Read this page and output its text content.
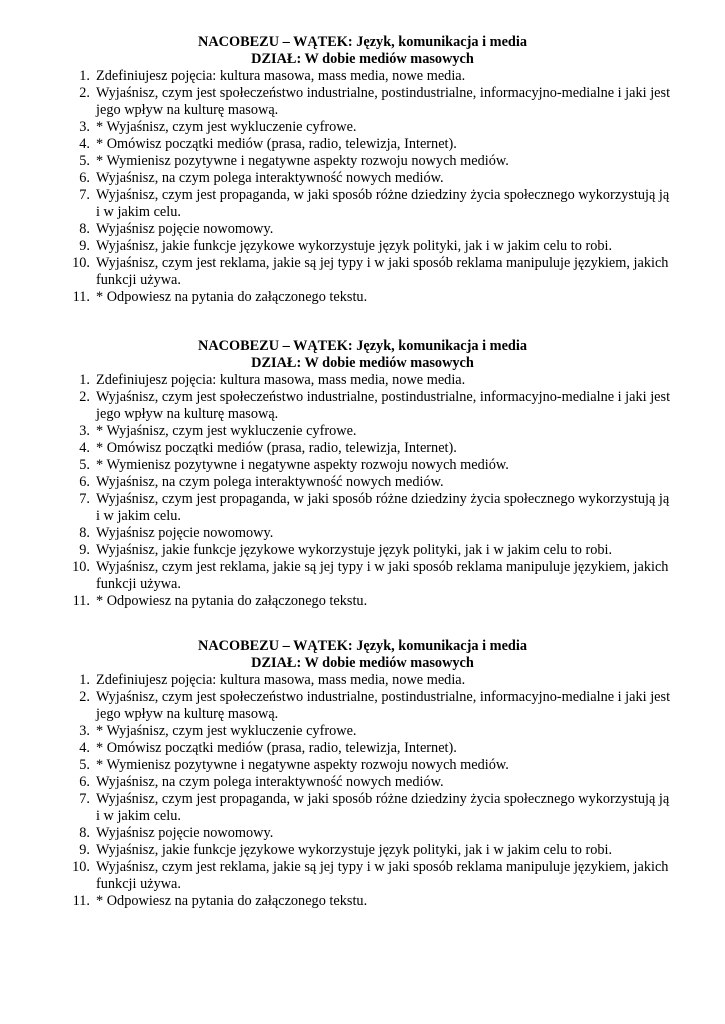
NACOBEZU – WĄTEK: Język, komunikacja i media
DZIAŁ: W dobie mediów masowych
1. Zdefiniujesz pojęcia: kultura masowa, mass media, nowe media.
2. Wyjaśnisz, czym jest społeczeństwo industrialne, postindustrialne, informacyjno-medialne i jaki jest jego wpływ na kulturę masową.
3. * Wyjaśnisz, czym jest wykluczenie cyfrowe.
4. * Omówisz początki mediów (prasa, radio, telewizja, Internet).
5. * Wymienisz pozytywne i negatywne aspekty rozwoju nowych mediów.
6. Wyjaśnisz, na czym polega interaktywność nowych mediów.
7. Wyjaśnisz, czym jest propaganda, w jaki sposób różne dziedziny życia społecznego wykorzystują ją i w jakim celu.
8. Wyjaśnisz pojęcie nowomowy.
9. Wyjaśnisz, jakie funkcje językowe wykorzystuje język polityki, jak i w jakim celu to robi.
10. Wyjaśnisz, czym jest reklama, jakie są jej typy i w jaki sposób reklama manipuluje językiem, jakich funkcji używa.
11. * Odpowiesz na pytania do załączonego tekstu.
NACOBEZU – WĄTEK: Język, komunikacja i media
DZIAŁ: W dobie mediów masowych
1. Zdefiniujesz pojęcia: kultura masowa, mass media, nowe media.
2. Wyjaśnisz, czym jest społeczeństwo industrialne, postindustrialne, informacyjno-medialne i jaki jest jego wpływ na kulturę masową.
3. * Wyjaśnisz, czym jest wykluczenie cyfrowe.
4. * Omówisz początki mediów (prasa, radio, telewizja, Internet).
5. * Wymienisz pozytywne i negatywne aspekty rozwoju nowych mediów.
6. Wyjaśnisz, na czym polega interaktywność nowych mediów.
7. Wyjaśnisz, czym jest propaganda, w jaki sposób różne dziedziny życia społecznego wykorzystują ją i w jakim celu.
8. Wyjaśnisz pojęcie nowomowy.
9. Wyjaśnisz, jakie funkcje językowe wykorzystuje język polityki, jak i w jakim celu to robi.
10. Wyjaśnisz, czym jest reklama, jakie są jej typy i w jaki sposób reklama manipuluje językiem, jakich funkcji używa.
11. * Odpowiesz na pytania do załączonego tekstu.
NACOBEZU – WĄTEK: Język, komunikacja i media
DZIAŁ: W dobie mediów masowych
1. Zdefiniujesz pojęcia: kultura masowa, mass media, nowe media.
2. Wyjaśnisz, czym jest społeczeństwo industrialne, postindustrialne, informacyjno-medialne i jaki jest jego wpływ na kulturę masową.
3. * Wyjaśnisz, czym jest wykluczenie cyfrowe.
4. * Omówisz początki mediów (prasa, radio, telewizja, Internet).
5. * Wymienisz pozytywne i negatywne aspekty rozwoju nowych mediów.
6. Wyjaśnisz, na czym polega interaktywność nowych mediów.
7. Wyjaśnisz, czym jest propaganda, w jaki sposób różne dziedziny życia społecznego wykorzystują ją i w jakim celu.
8. Wyjaśnisz pojęcie nowomowy.
9. Wyjaśnisz, jakie funkcje językowe wykorzystuje język polityki, jak i w jakim celu to robi.
10. Wyjaśnisz, czym jest reklama, jakie są jej typy i w jaki sposób reklama manipuluje językiem, jakich funkcji używa.
11. * Odpowiesz na pytania do załączonego tekstu.
